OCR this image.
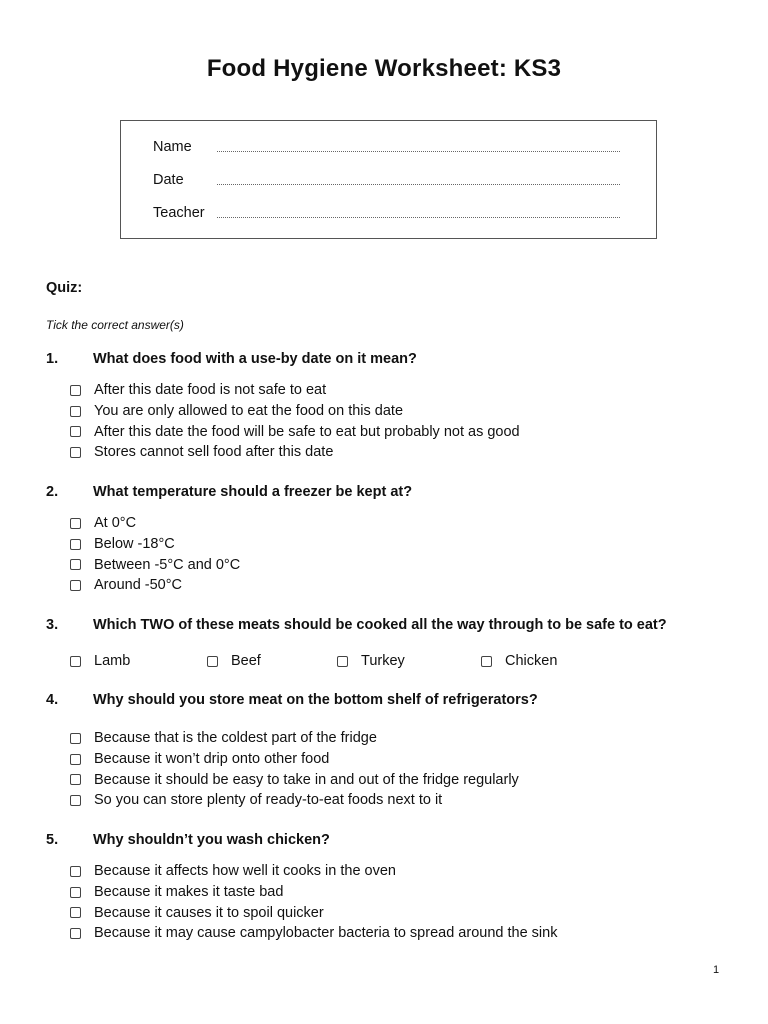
Food Hygiene Worksheet: KS3
Name
Date
Teacher
Quiz:
Tick the correct answer(s)
1.	What does food with a use-by date on it mean?
After this date food is not safe to eat
You are only allowed to eat the food on this date
After this date the food will be safe to eat but probably not as good
Stores cannot sell food after this date
2.	What temperature should a freezer be kept at?
At 0°C
Below -18°C
Between -5°C and 0°C
Around -50°C
3.	Which TWO of these meats should be cooked all the way through to be safe to eat?
Lamb	Beef	Turkey	Chicken
4.	Why should you store meat on the bottom shelf of refrigerators?
Because that is the coldest part of the fridge
Because it won’t drip onto other food
Because it should be easy to take in and out of the fridge regularly
So you can store plenty of ready-to-eat foods next to it
5.	Why shouldn’t you wash chicken?
Because it affects how well it cooks in the oven
Because it makes it taste bad
Because it causes it to spoil quicker
Because it may cause campylobacter bacteria to spread around the sink
1
